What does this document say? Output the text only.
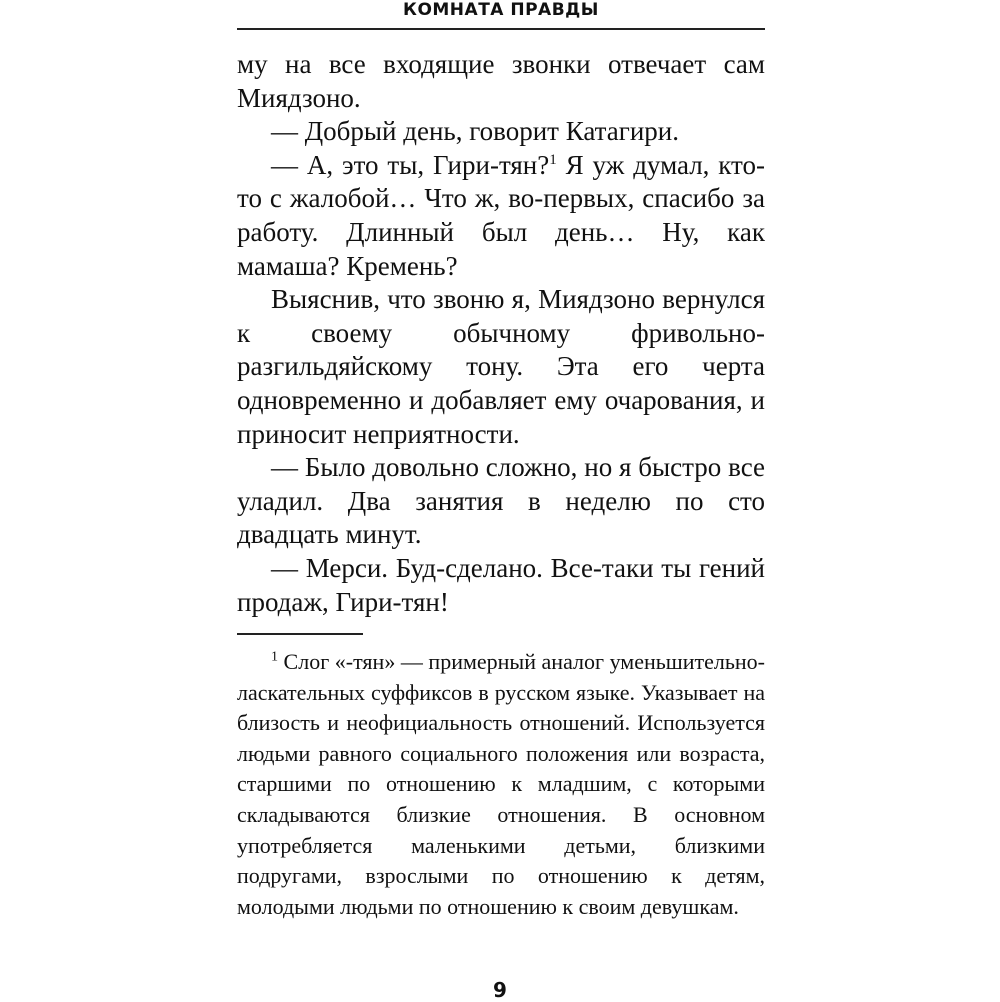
КОМНАТА ПРАВДЫ

му на все входящие звонки отвечает сам Миядзоно.

— Добрый день, говорит Катагири.

— А, это ты, Гири-тян?$^1$ Я уж думал, кто-то с жалобой… Что ж, во-первых, спасибо за работу. Длинный был день… Ну, как мамаша? Кремень?

Выяснив, что звоню я, Миядзоно вернулся к своему обычному фривольно-разгильдяйскому тону. Эта его черта одновременно и добавляет ему очарования, и приносит неприятности.

— Было довольно сложно, но я быстро все уладил. Два занятия в неделю по сто двадцать минут.

— Мерси. Буд-сделано. Все-таки ты гений продаж, Гири-тян!

$^1$ Слог «-тян» — примерный аналог уменьшительно-ласкательных суффиксов в русском языке. Указывает на близость и неофициальность отношений. Используется людьми равного социального положения или возраста, старшими по отношению к младшим, с которыми складываются близкие отношения. В основном употребляется маленькими детьми, близкими подругами, взрослыми по отношению к детям, молодыми людьми по отношению к своим девушкам.

9
